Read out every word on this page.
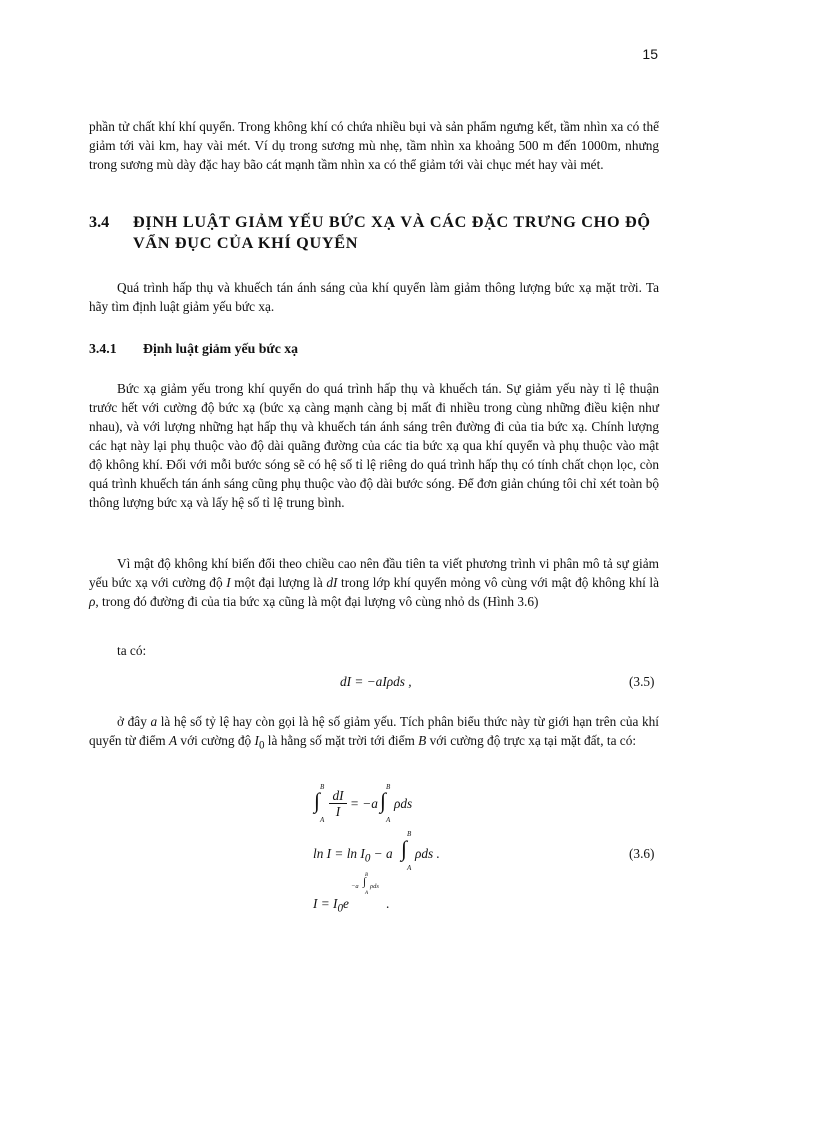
15

phần tử chất khí khí quyển. Trong không khí có chứa nhiều bụi và sản phẩm ngưng kết, tầm nhìn xa có thể giảm tới vài km, hay vài mét. Ví dụ trong sương mù nhẹ, tầm nhìn xa khoảng 500 m đến 1000m, nhưng trong sương mù dày đặc hay bão cát mạnh tầm nhìn xa có thể giảm tới vài chục mét hay vài mét.

3.4 ĐỊNH LUẬT GIẢM YẾU BỨC XẠ VÀ CÁC ĐẶC TRƯNG CHO ĐỘ VẨN ĐỤC CỦA KHÍ QUYỂN

Quá trình hấp thụ và khuếch tán ánh sáng của khí quyển làm giảm thông lượng bức xạ mặt trời. Ta hãy tìm định luật giảm yếu bức xạ.

3.4.1 Định luật giảm yếu bức xạ

Bức xạ giảm yếu trong khí quyển do quá trình hấp thụ và khuếch tán. Sự giảm yếu này tỉ lệ thuận trước hết với cường độ bức xạ (bức xạ càng mạnh càng bị mất đi nhiều trong cùng những điều kiện như nhau), và với lượng những hạt hấp thụ và khuếch tán ánh sáng trên đường đi của tia bức xạ. Chính lượng các hạt này lại phụ thuộc vào độ dài quãng đường của các tia bức xạ qua khí quyển và phụ thuộc vào mật độ không khí. Đối với mỗi bước sóng sẽ có hệ số tỉ lệ riêng do quá trình hấp thụ có tính chất chọn lọc, còn quá trình khuếch tán ánh sáng cũng phụ thuộc vào độ dài bước sóng. Để đơn giản chúng tôi chỉ xét toàn bộ thông lượng bức xạ và lấy hệ số tỉ lệ trung bình.

Vì mật độ không khí biến đổi theo chiều cao nên đầu tiên ta viết phương trình vi phân mô tả sự giảm yếu bức xạ với cường độ I một đại lượng là dI trong lớp khí quyển mỏng vô cùng với mật độ không khí là ρ, trong đó đường đi của tia bức xạ cũng là một đại lượng vô cùng nhỏ ds (Hình 3.6)

ta có:
dI = −aIρds ,	(3.5)

ở đây a là hệ số tỷ lệ hay còn gọi là hệ số giảm yếu. Tích phân biểu thức này từ giới hạn trên của khí quyển từ điểm A với cường độ $I_0$ là hằng số mặt trời tới điểm B với cường độ trực xạ tại mặt đất, ta có:

B
∫
A
dI
I
= −a
B
∫
A
ρds
$\ln I = \ln I_0 - a$
B
∫
A
ρds .
$I = I_0e$
−a
B
∫
A
ρds
.
(3.6)
